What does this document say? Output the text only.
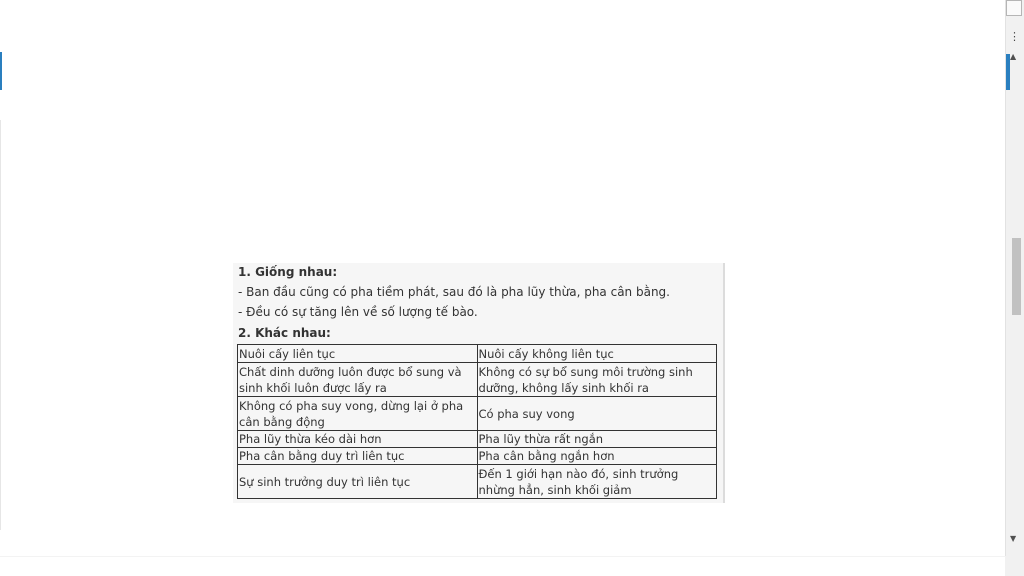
⋮
▲
▼

1. Giống nhau:

- Ban đầu cũng có pha tiềm phát, sau đó là pha lũy thừa, pha cân bằng.

- Đều có sự tăng lên về số lượng tế bào.

2. Khác nhau:

Nuôi cấy liên tục	Nuôi cấy không liên tục
Chất dinh dưỡng luôn được bổ sung và sinh khối luôn được lấy ra	Không có sự bổ sung môi trường sinh dưỡng, không lấy sinh khối ra
Không có pha suy vong, dừng lại ở pha cân bằng động	Có pha suy vong
Pha lũy thừa kéo dài hơn	Pha lũy thừa rất ngắn
Pha cân bằng duy trì liên tục	Pha cân bằng ngắn hơn
Sự sinh trưởng duy trì liên tục	Đến 1 giới hạn nào đó, sinh trưởng nhừng hẳn, sinh khối giảm
